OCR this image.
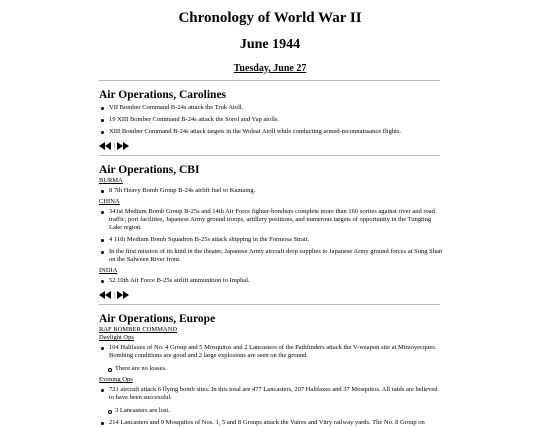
Chronology of World War II
June 1944
Tuesday, June 27
Air Operations, Carolines
VII Bomber Command B-24s attack the Truk Atoll.
19 XIII Bomber Command B-24s attack the Sorol and Yap atolls.
XIII Bomber Command B-24s attack targets in the Woleai Atoll while conducting armed-reconnaissance flights.
|
Air Operations, CBI
BURMA
8 7th Heavy Bomb Group B-24s airlift fuel to Kamaing.
CHINA
341st Medium Bomb Group B-25s and 14th Air Force fighter-bombers complete more than 160 sorties against river and road traffic, port facilities, Japanese Army ground troops, artillery positions, and numerous targets of opportunity in the Tungting Lake region.
4 11th Medium Bomb Squadron B-25s attack shipping in the Formosa Strait.
In the first mission of its kind in the theater, Japanese Army aircraft drop supplies to Japanese Army ground forces at Sung Shan on the Salween River front.
INDIA
52 10th Air Force B-25s airlift ammunition to Imphal.
|
Air Operations, Europe
RAF BOMBER COMMAND
Daylight Ops
104 Halifaxes of No. 4 Group and 5 Mosquitos and 2 Lancasters of the Pathfinders attack the V-weapon site at Mimoyecques. Bombing conditions are good and 2 large explosions are seen on the ground.
There are no losses.
Evening Ops
721 aircraft attack 6 flying bomb sites. In this total are 477 Lancasters, 207 Halifaxes and 37 Mosquitos. All raids are believed to have been successful.
3 Lancasters are lost.
214 Lancasters and 9 Mosquitos of Nos. 1, 5 and 8 Groups attack the Vaires and Vitry railway yards. The No. 8 Group on
